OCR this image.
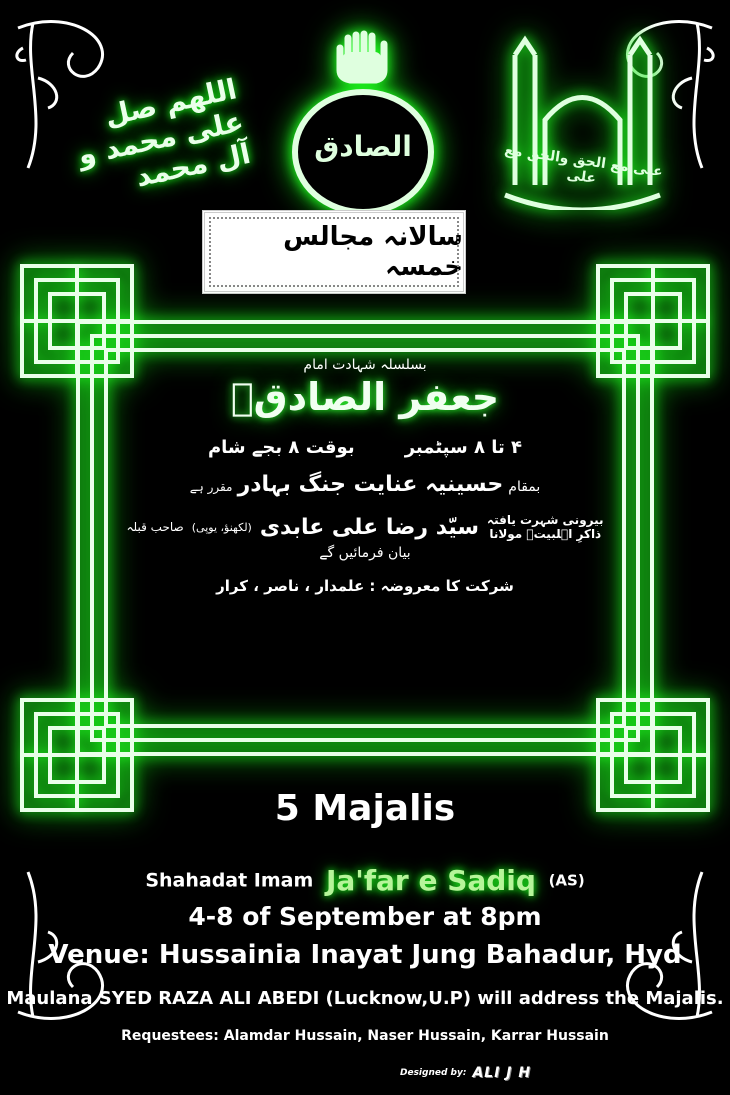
اللھم صل علی محمد و آل محمد الصادق	علی مع الحق والحق مع علی
سالانہ مجالس خمسہ
بسلسلہ شہادت امام
جعفر الصادقؑ
۴ تا ۸ سپٹمبر        بوقت ۸ بجے شام
بمقام حسینیہ عنایت جنگ بہادر مقرر ہے
بیرونی شہرت یافتہ
ذاکرِ اہلبیتؑ مولانا
سیّد رضا علی عابدی
(لکھنؤ، یوپی)
صاحب قبلہ
بیان فرمائیں گے
شرکت کا معروضہ : علمدار ، ناصر ، کرار
5 Majalis
Shahadat Imam Ja'far e Sadiq (AS)
4-8 of September at 8pm
Venue: Hussainia Inayat Jung Bahadur, Hyd
Maulana SYED RAZA ALI ABEDI (Lucknow,U.P) will address the Majalis.
Requestees: Alamdar Hussain, Naser Hussain, Karrar Hussain
Designed by: ALI J H
